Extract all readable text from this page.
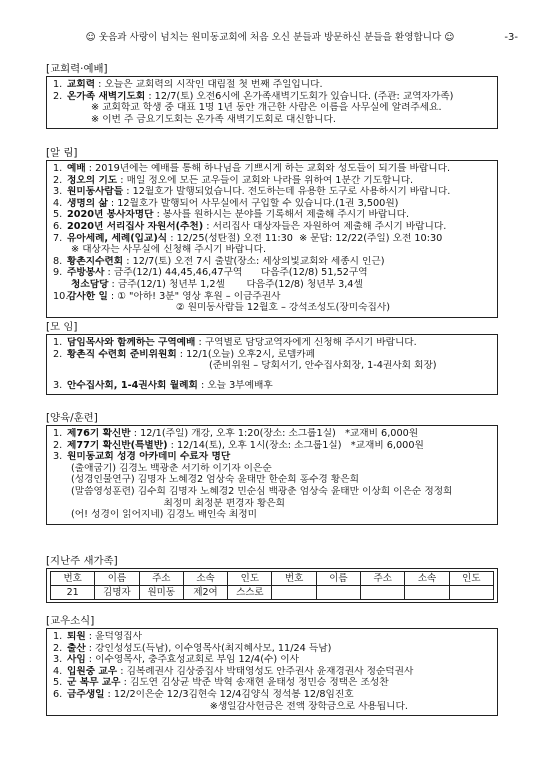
☺ 웃음과 사랑이 넘치는 원미동교회에 처음 오신 분들과 방문하신 분들을 환영합니다 ☺	-3-
[교회력·예배]
1. 교회력 : 오늘은 교회력의 시작인 대림절 첫 번째 주일입니다.
2. 온가족 새벽기도회 : 12/7(토) 오전6시에 온가족새벽기도회가 있습니다. (주관: 교역자가족)
※ 교회학교 학생 중 대표 1명 1년 동안 개근한 사람은 이름을 사무실에 알려주세요.
※ 이번 주 금요기도회는 온가족 새벽기도회로 대신합니다.
[알 림]
1. 예배 : 2019년에는 예배를 통해 하나님을 기쁘시게 하는 교회와 성도들이 되기를 바랍니다.
2. 정오의 기도 : 매일 정오에 모든 교우들이 교회와 나라를 위하여 1분간 기도합니다.
3. 원미동사람들 : 12월호가 발행되었습니다. 전도하는데 유용한 도구로 사용하시기 바랍니다.
4. 생명의 삶 : 12월호가 발행되어 사무실에서 구입할 수 있습니다.(1권 3,500원)
5. 2020년 봉사자명단 : 봉사를 원하시는 분야를 기록해서 제출해 주시기 바랍니다.
6. 2020년 서리집사 자원서(추천) : 서리집사 대상자들은 자원하여 제출해 주시기 바랍니다.
7. 유아세례, 세례(입교)식 : 12/25(성탄절) 오전 11:30  ※ 문답: 12/22(주일) 오전 10:30
※ 대상자는 사무실에 신청해 주시기 바랍니다.
8. 황촌지수련회 : 12/7(토) 오전 7시 출발(장소: 세상의빛교회와 세종시 인근)
9. 주방봉사 : 금주(12/1) 44,45,46,47구역      다음주(12/8) 51,52구역
청소담당 : 금주(12/1) 청년부 1,2셀       다음주(12/8) 청년부 3,4셀
10.감사한 일 : ① "아하! 3분" 영상 후원 – 이금주권사
② 원미동사람들 12월호 – 강석조성도(장미숙집사)
[모 임]
1. 담임목사와 함께하는 구역예배 : 구역별로 담당교역자에게 신청해 주시기 바랍니다.
2. 황촌직 수련회 준비위원회 : 12/1(오늘) 오후2시, 로뎀카페
(준비위원 – 당회서기, 안수집사회장, 1-4권사회 회장)
3. 안수집사회, 1-4권사회 월례회 : 오늘 3부예배후
[양육/훈련]
1. 제76기 확신반 : 12/1(주일) 개강, 오후 1:20(장소: 소그룹1실)   *교재비 6,000원
2. 제77기 확신반(특별반) : 12/14(토), 오후 1시(장소: 소그룹1실)   *교재비 6,000원
3. 원미동교회 성경 아카데미 수료자 명단
(출애굽기) 김경노 백광춘 서기하 이기자 이은순
(성경인물연구) 김명자 노혜경2 엄상숙 윤태만 한순희 홍수경 황은희
(말씀영성훈련) 김수희 김명자 노혜경2 민순심 백광춘 엄상숙 윤태만 이상희 이은순 정정희
최정미 최정분 편경자 황은희
(어! 성경이 읽어지네) 김경노 배인숙 최정미
[지난주 새가족]
번호	이름	주소	소속	인도	번호	이름	주소	소속	인도
21	김명자	원미동	제2여	스스로					
[교우소식]
1. 퇴원 : 윤덕영집사
2. 출산 : 강인성성도(득남), 이수영목사(최지혜사모, 11/24 득남)
3. 사임 : 이수영목사, 충주효성교회로 부임 12/4(수) 이사
4. 입원중 교우 : 김복례권사 김상중집사 박태영성도 안주권사 윤재경권사 정순덕권사
5. 군 복무 교우 : 김도연 김상균 박준 박혁 송재현 윤태성 정민승 정택은 조성찬
6. 금주생일 : 12/2이은순 12/3김현숙 12/4김양식 정석봉 12/8임진호
※생일감사헌금은 전액 장학금으로 사용됩니다.
